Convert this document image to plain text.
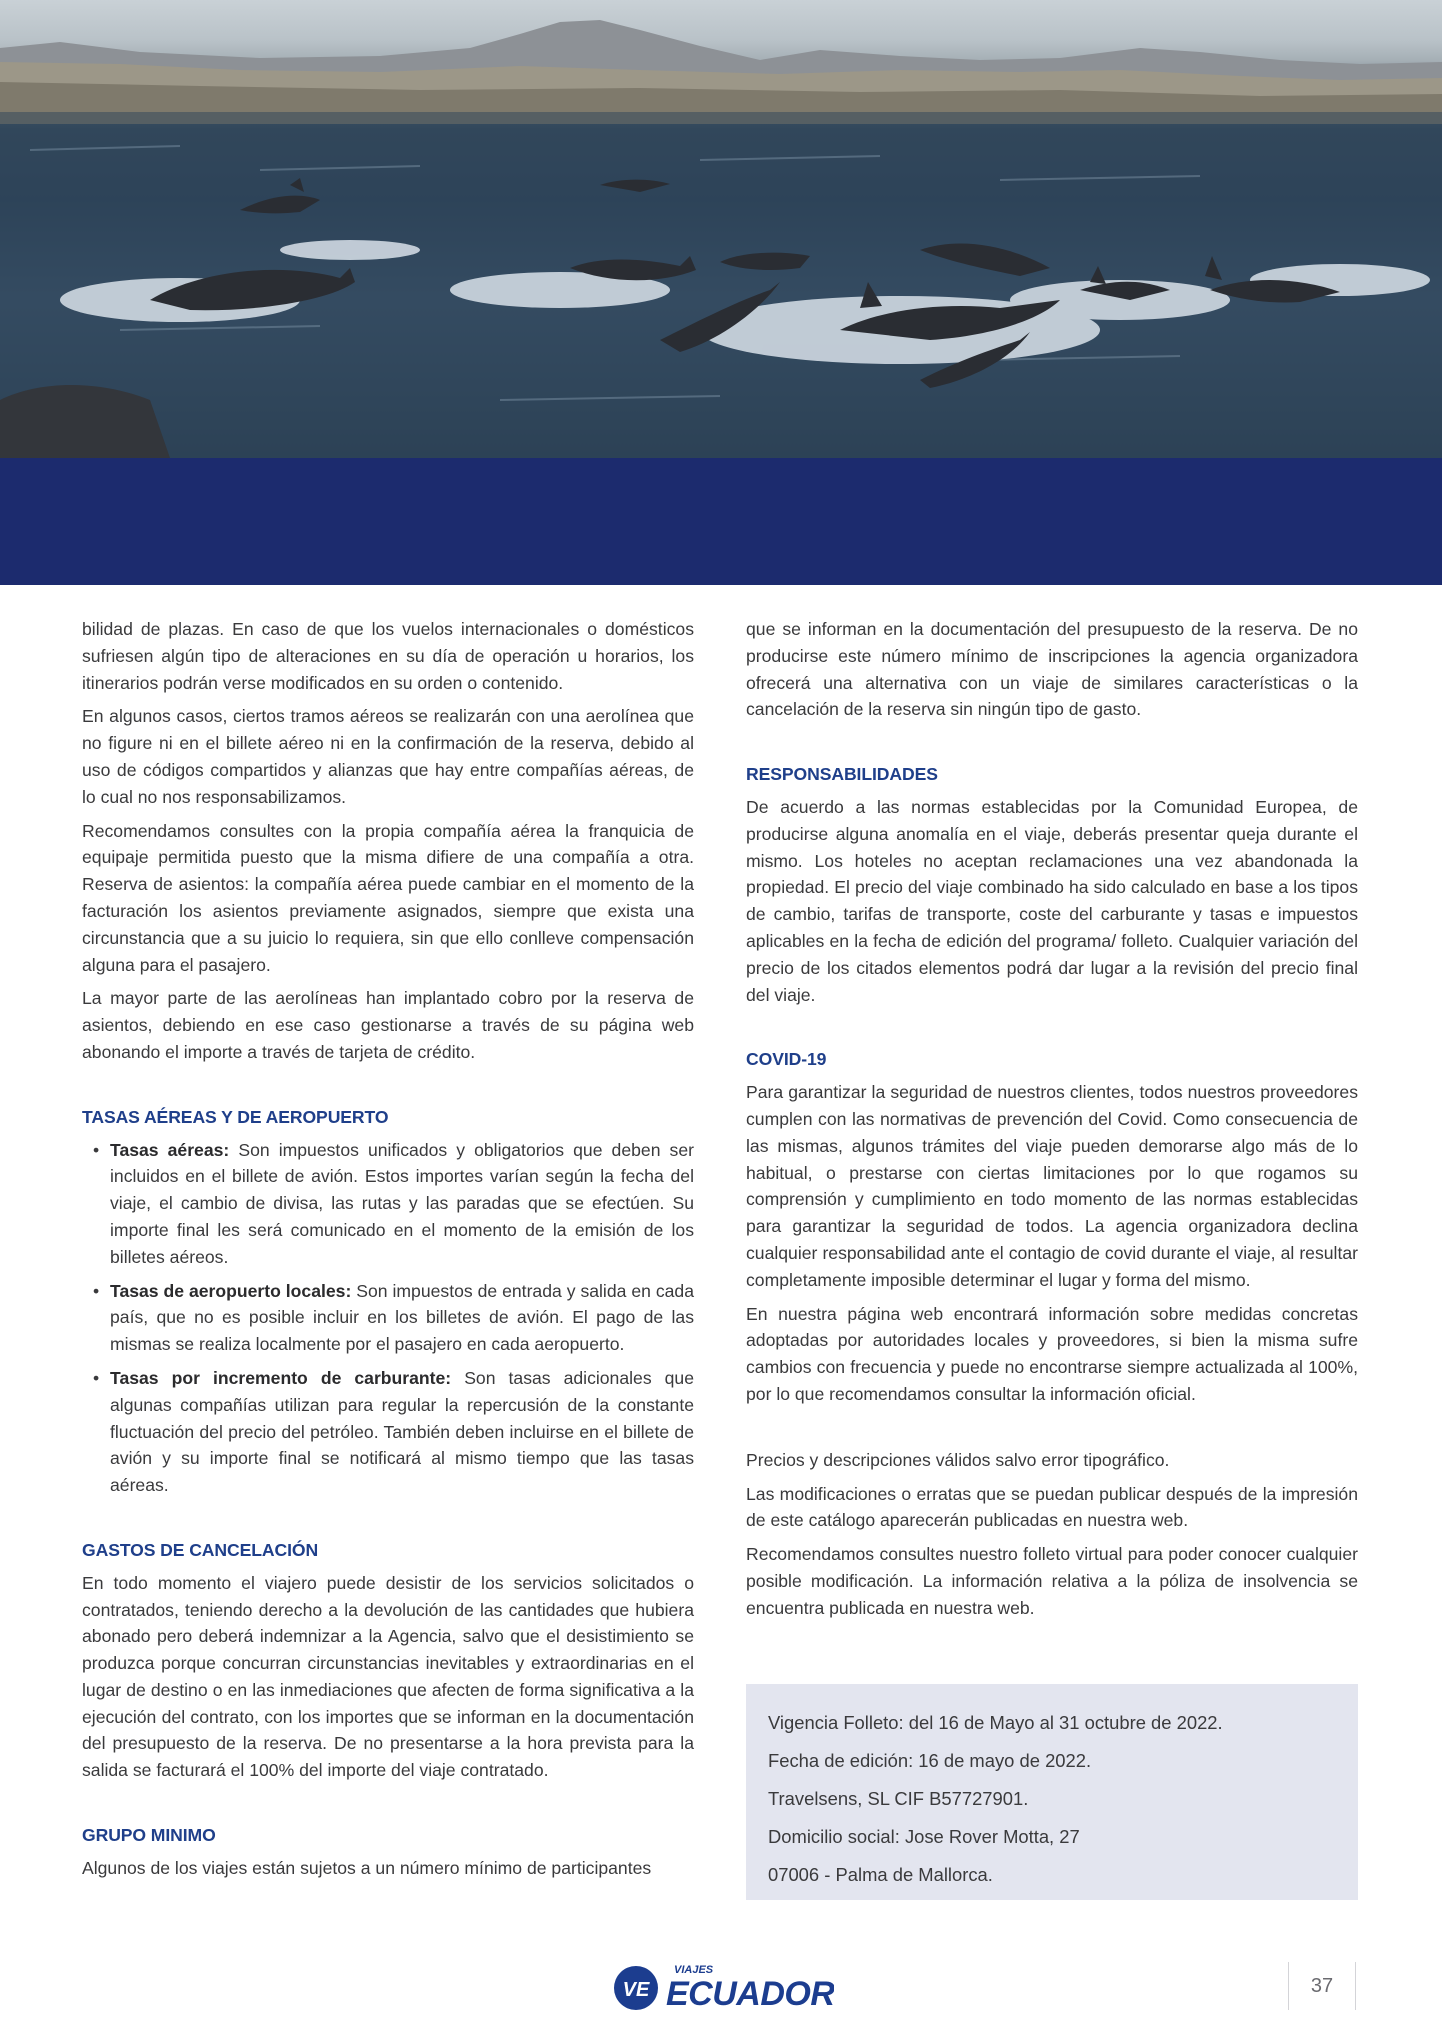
bilidad de plazas. En caso de que los vuelos internacionales o domésticos sufriesen algún tipo de alteraciones en su día de operación u horarios, los itinerarios podrán verse modificados en su orden o contenido.

En algunos casos, ciertos tramos aéreos se realizarán con una aerolínea que no figure ni en el billete aéreo ni en la confirmación de la reserva, debido al uso de códigos compartidos y alianzas que hay entre compañías aéreas, de lo cual no nos responsabilizamos.

Recomendamos consultes con la propia compañía aérea la franquicia de equipaje permitida puesto que la misma difiere de una compañía a otra. Reserva de asientos: la compañía aérea puede cambiar en el momento de la facturación los asientos previamente asignados, siempre que exista una circunstancia que a su juicio lo requiera, sin que ello conlleve compensación alguna para el pasajero.

La mayor parte de las aerolíneas han implantado cobro por la reserva de asientos, debiendo en ese caso gestionarse a través de su página web abonando el importe a través de tarjeta de crédito.

TASAS AÉREAS Y DE AEROPUERTO
• Tasas aéreas: Son impuestos unificados y obligatorios que deben ser incluidos en el billete de avión. Estos importes varían según la fecha del viaje, el cambio de divisa, las rutas y las paradas que se efectúen. Su importe final les será comunicado en el momento de la emisión de los billetes aéreos.
• Tasas de aeropuerto locales: Son impuestos de entrada y salida en cada país, que no es posible incluir en los billetes de avión. El pago de las mismas se realiza localmente por el pasajero en cada aeropuerto.
• Tasas por incremento de carburante: Son tasas adicionales que algunas compañías utilizan para regular la repercusión de la constante fluctuación del precio del petróleo. También deben incluirse en el billete de avión y su importe final se notificará al mismo tiempo que las tasas aéreas.
GASTOS DE CANCELACIÓN

En todo momento el viajero puede desistir de los servicios solicitados o contratados, teniendo derecho a la devolución de las cantidades que hubiera abonado pero deberá indemnizar a la Agencia, salvo que el desistimiento se produzca porque concurran circunstancias inevitables y extraordinarias en el lugar de destino o en las inmediaciones que afecten de forma significativa a la ejecución del contrato, con los importes que se informan en la documentación del presupuesto de la reserva. De no presentarse a la hora prevista para la salida se facturará el 100% del importe del viaje contratado.

GRUPO MINIMO

Algunos de los viajes están sujetos a un número mínimo de participantes

que se informan en la documentación del presupuesto de la reserva. De no producirse este número mínimo de inscripciones la agencia organizadora ofrecerá una alternativa con un viaje de similares características o la cancelación de la reserva sin ningún tipo de gasto.

RESPONSABILIDADES

De acuerdo a las normas establecidas por la Comunidad Europea, de producirse alguna anomalía en el viaje, deberás presentar queja durante el mismo. Los hoteles no aceptan reclamaciones una vez abandonada la propiedad. El precio del viaje combinado ha sido calculado en base a los tipos de cambio, tarifas de transporte, coste del carburante y tasas e impuestos aplicables en la fecha de edición del programa/ folleto. Cualquier variación del precio de los citados elementos podrá dar lugar a la revisión del precio final del viaje.

COVID-19

Para garantizar la seguridad de nuestros clientes, todos nuestros proveedores cumplen con las normativas de prevención del Covid. Como consecuencia de las mismas, algunos trámites del viaje pueden demorarse algo más de lo habitual, o prestarse con ciertas limitaciones por lo que rogamos su comprensión y cumplimiento en todo momento de las normas establecidas para garantizar la seguridad de todos. La agencia organizadora declina cualquier responsabilidad ante el contagio de covid durante el viaje, al resultar completamente imposible determinar el lugar y forma del mismo.

En nuestra página web encontrará información sobre medidas concretas adoptadas por autoridades locales y proveedores, si bien la misma sufre cambios con frecuencia y puede no encontrarse siempre actualizada al 100%, por lo que recomendamos consultar la información oficial.

Precios y descripciones válidos salvo error tipográfico.

Las modificaciones o erratas que se puedan publicar después de la impresión de este catálogo aparecerán publicadas en nuestra web.

Recomendamos consultes nuestro folleto virtual para poder conocer cualquier posible modificación. La información relativa a la póliza de insolvencia se encuentra publicada en nuestra web.

Vigencia Folleto: del 16 de Mayo al 31 octubre de 2022.
Fecha de edición: 16 de mayo de 2022.
Travelsens, SL CIF B57727901.
Domicilio social: Jose Rover Motta, 27
07006 - Palma de Mallorca.
VE
VIAJES
ECUADOR	37
